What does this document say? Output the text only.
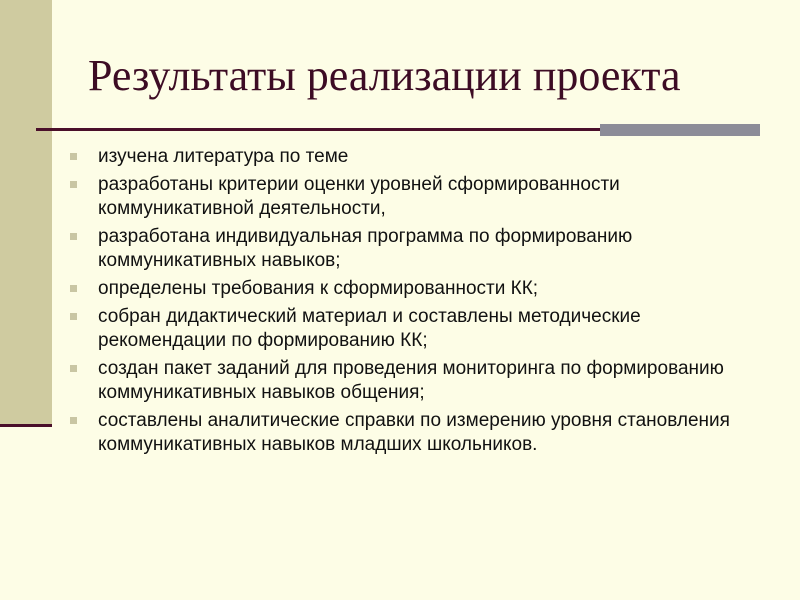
Результаты реализации проекта
изучена литература по теме
разработаны критерии оценки уровней сформированности коммуникативной деятельности,
разработана индивидуальная программа по формированию коммуникативных навыков;
определены требования к сформированности КК;
собран дидактический материал и составлены методические рекомендации по формированию КК;
создан пакет заданий для проведения мониторинга по формированию коммуникативных навыков общения;
составлены аналитические справки по измерению уровня становления коммуникативных навыков младших школьников.
